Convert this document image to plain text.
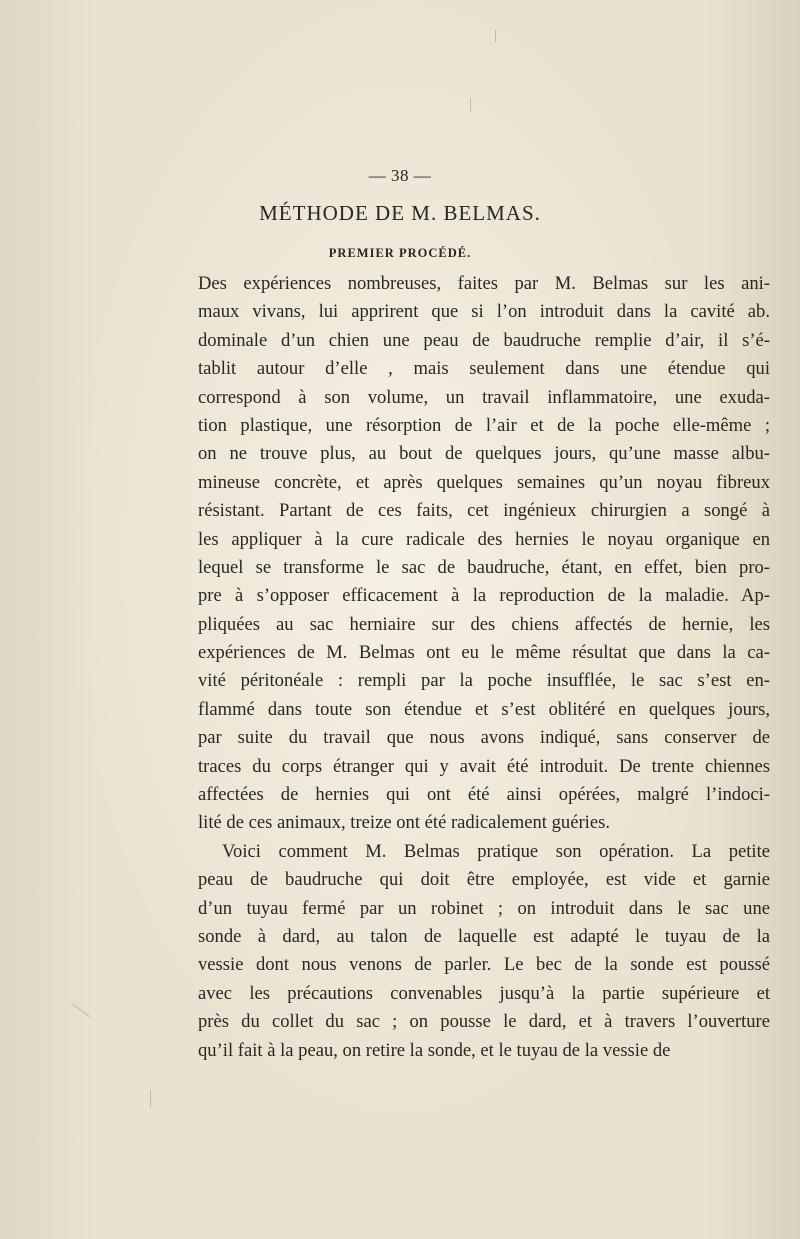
— 38 —
MÉTHODE DE M. BELMAS.
PREMIER PROCÉDÉ.
Des expériences nombreuses, faites par M. Belmas sur les ani-
maux vivans, lui apprirent que si l’on introduit dans la cavité ab.
dominale d’un chien une peau de baudruche remplie d’air, il s’é-
tablit autour d’elle , mais seulement dans une étendue qui
correspond à son volume, un travail inflammatoire, une exuda-
tion plastique, une résorption de l’air et de la poche elle-même ;
on ne trouve plus, au bout de quelques jours, qu’une masse albu-
mineuse concrète, et après quelques semaines qu’un noyau fibreux
résistant. Partant de ces faits, cet ingénieux chirurgien a songé à
les appliquer à la cure radicale des hernies le noyau organique en
lequel se transforme le sac de baudruche, étant, en effet, bien pro-
pre à s’opposer efficacement à la reproduction de la maladie. Ap-
pliquées au sac herniaire sur des chiens affectés de hernie, les
expériences de M. Belmas ont eu le même résultat que dans la ca-
vité péritonéale : rempli par la poche insufflée, le sac s’est en-
flammé dans toute son étendue et s’est oblitéré en quelques jours,
par suite du travail que nous avons indiqué, sans conserver de
traces du corps étranger qui y avait été introduit. De trente chiennes
affectées de hernies qui ont été ainsi opérées, malgré l’indoci-
lité de ces animaux, treize ont été radicalement guéries.
Voici comment M. Belmas pratique son opération. La petite
peau de baudruche qui doit être employée, est vide et garnie
d’un tuyau fermé par un robinet ; on introduit dans le sac une
sonde à dard, au talon de laquelle est adapté le tuyau de la
vessie dont nous venons de parler. Le bec de la sonde est poussé
avec les précautions convenables jusqu’à la partie supérieure et
près du collet du sac ; on pousse le dard, et à travers l’ouverture
qu’il fait à la peau, on retire la sonde, et le tuyau de la vessie de
